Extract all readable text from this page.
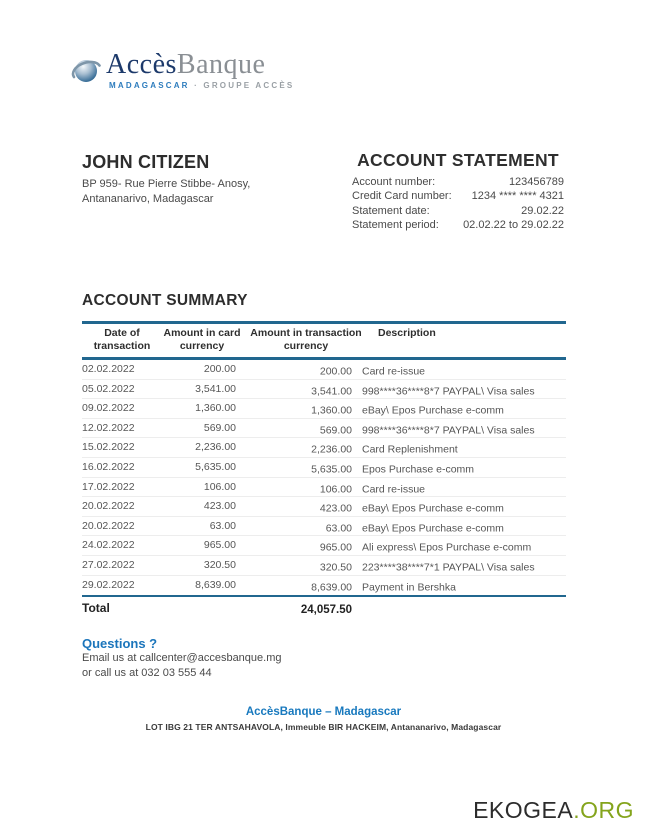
AccèsBanque
MADAGASCAR · GROUPE ACCÈS
JOHN CITIZEN
BP 959- Rue Pierre Stibbe- Anosy,
Antananarivo, Madagascar
ACCOUNT STATEMENT
Account number:	123456789
Credit Card number: 1234 **** **** 4321
Statement date:	29.02.22
Statement period: 02.02.22 to 29.02.22
ACCOUNT SUMMARY
Date of transaction
Amount in card currency
Amount in transaction currency
Description
02.02.2022	200.00	200.00 Card re-issue
05.02.2022	3,541.00	3,541.00 998****36****8*7 PAYPAL\ Visa sales
09.02.2022	1,360.00	1,360.00 eBay\ Epos Purchase e-comm
12.02.2022	569.00	569.00 998****36****8*7 PAYPAL\ Visa sales
15.02.2022	2,236.00	2,236.00 Card Replenishment
16.02.2022	5,635.00	5,635.00 Epos Purchase e-comm
17.02.2022	106.00	106.00 Card re-issue
20.02.2022	423.00	423.00 eBay\ Epos Purchase e-comm
20.02.2022	63.00	63.00 eBay\ Epos Purchase e-comm
24.02.2022	965.00	965.00 Ali express\ Epos Purchase e-comm
27.02.2022	320.50	320.50 223****38****7*1 PAYPAL\ Visa sales
29.02.2022	8,639.00	8,639.00 Payment in Bershka
Total	24,057.50
Questions ?
Email us at callcenter@accesbanque.mg
or call us at 032 03 555 44
AccèsBanque – Madagascar
LOT IBG 21 TER ANTSAHAVOLA, Immeuble BIR HACKEIM, Antananarivo, Madagascar
EKOGEA.ORG
